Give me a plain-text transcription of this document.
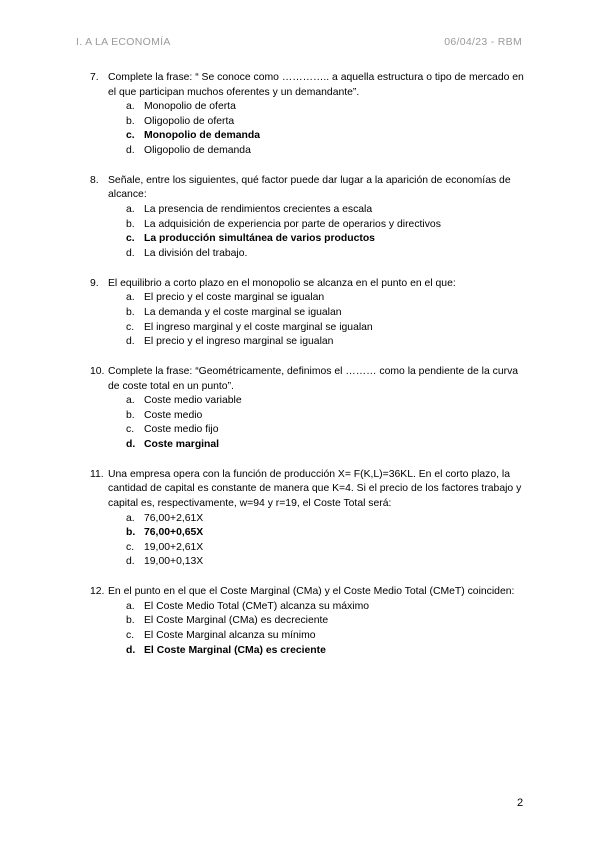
I. A LA ECONOMÍA	06/04/23 - RBM
7. Complete la frase: “ Se conoce como ………….. a aquella estructura o tipo de mercado en el que participan muchos oferentes y un demandante”.
a. Monopolio de oferta
b. Oligopolio de oferta
c. Monopolio de demanda
d. Oligopolio de demanda
8. Señale, entre los siguientes, qué factor puede dar lugar a la aparición de economías de alcance:
a. La presencia de rendimientos crecientes a escala
b. La adquisición de experiencia por parte de operarios y directivos
c. La producción simultánea de varios productos
d. La división del trabajo.
9. El equilibrio a corto plazo en el monopolio se alcanza en el punto en el que:
a. El precio y el coste marginal se igualan
b. La demanda y el coste marginal se igualan
c. El ingreso marginal y el coste marginal se igualan
d. El precio y el ingreso marginal se igualan
10. Complete la frase: “Geométricamente, definimos el ……… como la pendiente de la curva de coste total en un punto”.
a. Coste medio variable
b. Coste medio
c. Coste medio fijo
d. Coste marginal
11. Una empresa opera con la función de producción X= F(K,L)=36KL. En el corto plazo, la cantidad de capital es constante de manera que K=4. Si el precio de los factores trabajo y capital es, respectivamente, w=94 y r=19, el Coste Total será:
a. 76,00+2,61X
b. 76,00+0,65X
c. 19,00+2,61X
d. 19,00+0,13X
12. En el punto en el que el Coste Marginal (CMa) y el Coste Medio Total (CMeT) coinciden:
a. El Coste Medio Total (CMeT) alcanza su máximo
b. El Coste Marginal (CMa) es decreciente
c. El Coste Marginal alcanza su mínimo
d. El Coste Marginal (CMa) es creciente
2
